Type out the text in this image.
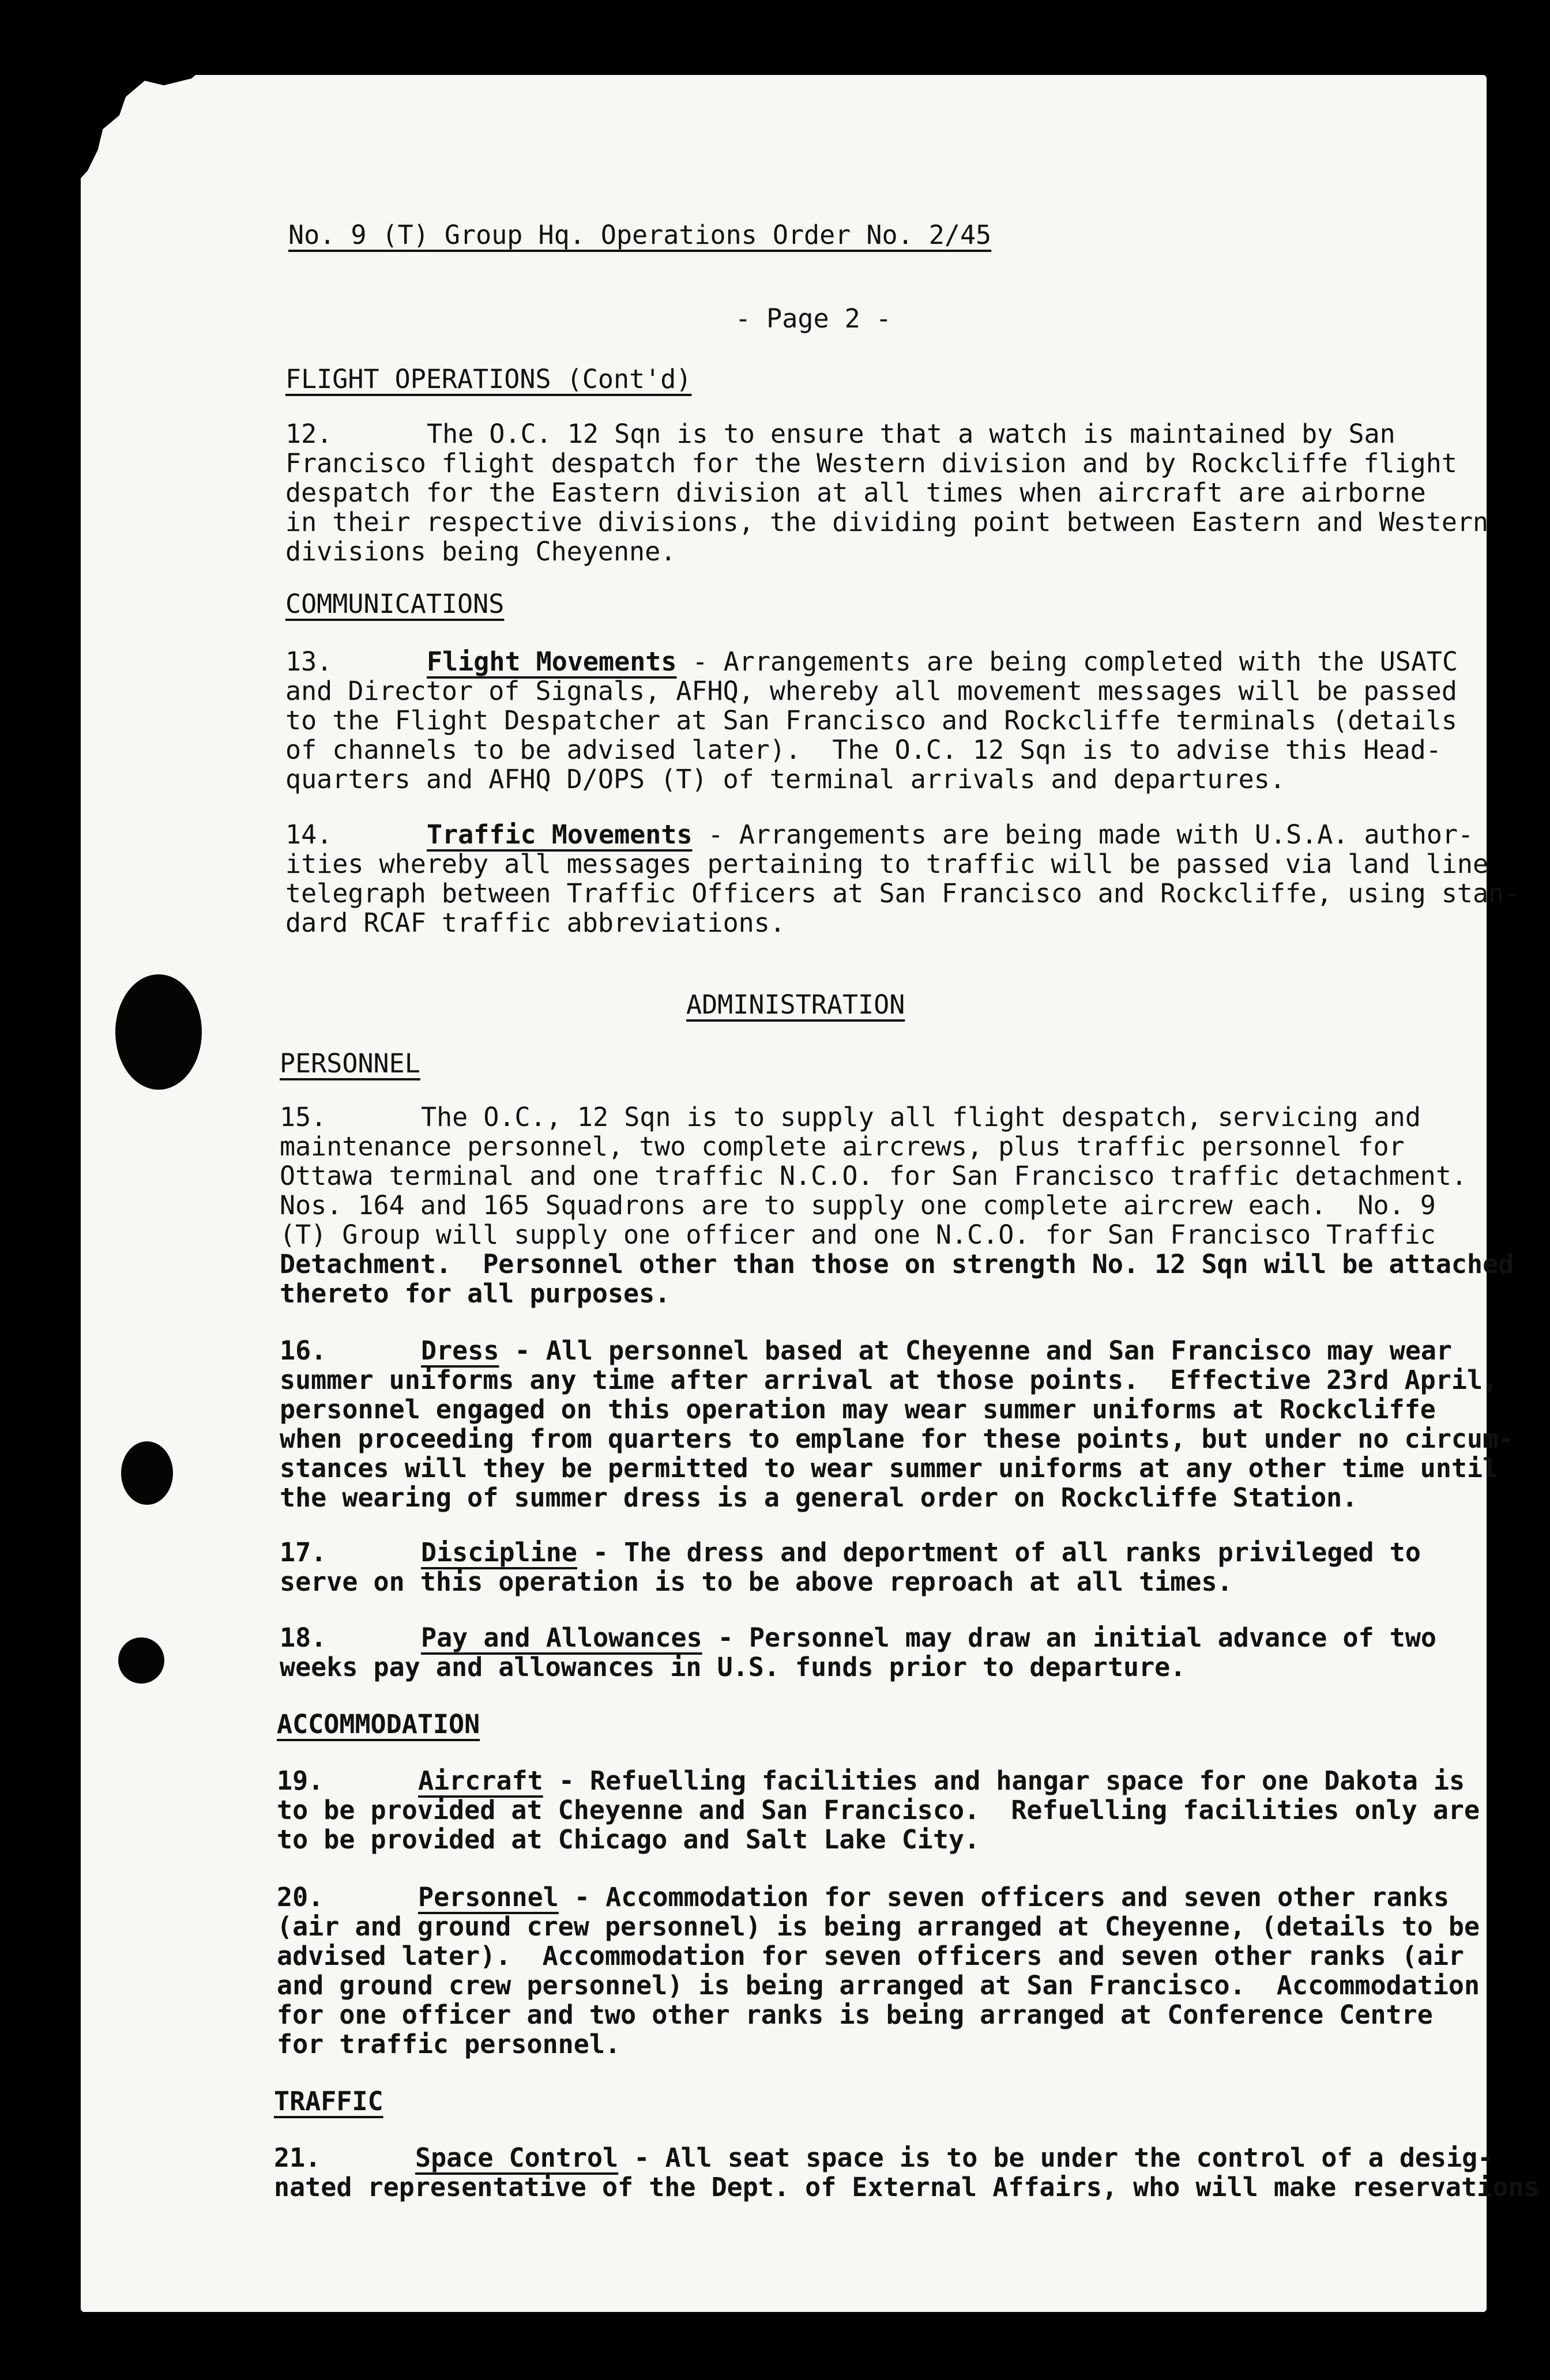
No. 9 (T) Group Hq. Operations Order No. 2/45
- Page 2 -
FLIGHT OPERATIONS (Cont'd)
12.	The O.C. 12 Sqn is to ensure that a watch is maintained by San
Francisco flight despatch for the Western division and by Rockcliffe flight
despatch for the Eastern division at all times when aircraft are airborne
in their respective divisions, the dividing point between Eastern and Western
divisions being Cheyenne.
COMMUNICATIONS
13.	Flight Movements - Arrangements are being completed with the USATC
and Director of Signals, AFHQ, whereby all movement messages will be passed
to the Flight Despatcher at San Francisco and Rockcliffe terminals (details
of channels to be advised later).  The O.C. 12 Sqn is to advise this Head-
quarters and AFHQ D/OPS (T) of terminal arrivals and departures.
14.	Traffic Movements - Arrangements are being made with U.S.A. author-
ities whereby all messages pertaining to traffic will be passed via land line
telegraph between Traffic Officers at San Francisco and Rockcliffe, using stan-
dard RCAF traffic abbreviations.
ADMINISTRATION
PERSONNEL
15.	The O.C., 12 Sqn is to supply all flight despatch, servicing and
maintenance personnel, two complete aircrews, plus traffic personnel for
Ottawa terminal and one traffic N.C.O. for San Francisco traffic detachment.
Nos. 164 and 165 Squadrons are to supply one complete aircrew each.  No. 9
(T) Group will supply one officer and one N.C.O. for San Francisco Traffic
Detachment.  Personnel other than those on strength No. 12 Sqn will be attached
thereto for all purposes.
16.	Dress - All personnel based at Cheyenne and San Francisco may wear
summer uniforms any time after arrival at those points.  Effective 23rd April,
personnel engaged on this operation may wear summer uniforms at Rockcliffe
when proceeding from quarters to emplane for these points, but under no circum-
stances will they be permitted to wear summer uniforms at any other time until
the wearing of summer dress is a general order on Rockcliffe Station.
17.	Discipline - The dress and deportment of all ranks privileged to
serve on this operation is to be above reproach at all times.
18.	Pay and Allowances - Personnel may draw an initial advance of two
weeks pay and allowances in U.S. funds prior to departure.
ACCOMMODATION
19.	Aircraft - Refuelling facilities and hangar space for one Dakota is
to be provided at Cheyenne and San Francisco.  Refuelling facilities only are
to be provided at Chicago and Salt Lake City.
20.	Personnel - Accommodation for seven officers and seven other ranks
(air and ground crew personnel) is being arranged at Cheyenne, (details to be
advised later).  Accommodation for seven officers and seven other ranks (air
and ground crew personnel) is being arranged at San Francisco.  Accommodation
for one officer and two other ranks is being arranged at Conference Centre
for traffic personnel.
TRAFFIC
21.	Space Control - All seat space is to be under the control of a desig-
nated representative of the Dept. of External Affairs, who will make reservations
